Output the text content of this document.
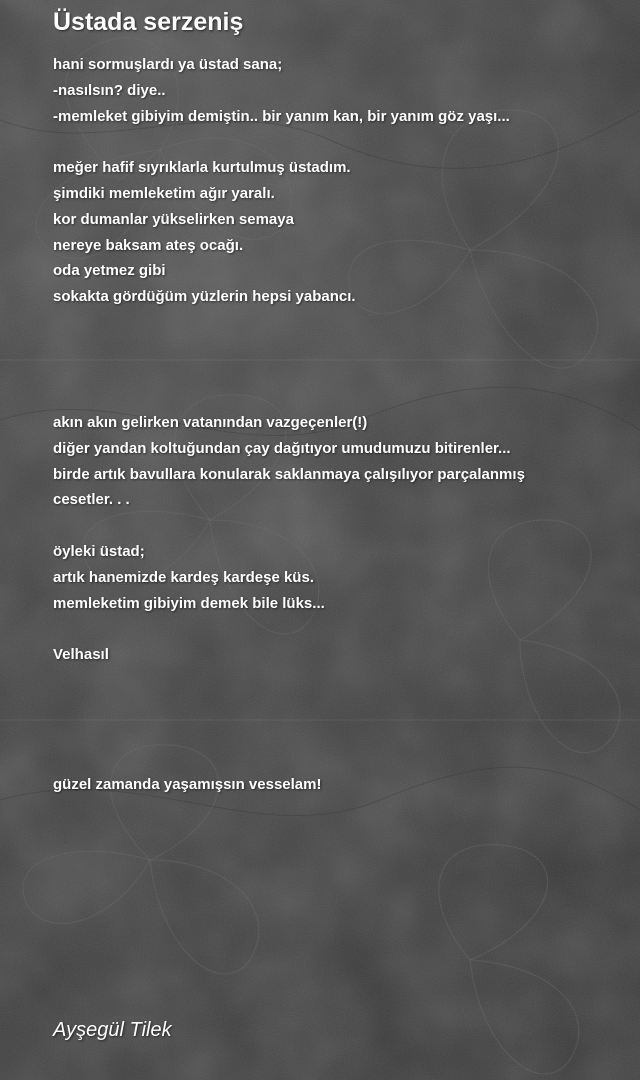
Üstada serzeniş
hani sormuşlardı ya üstad sana;
-nasılsın? diye..
-memleket gibiyim demiştin.. bir yanım kan, bir yanım göz yaşı...
meğer hafif sıyrıklarla kurtulmuş üstadım.
şimdiki memleketim ağır yaralı.
kor dumanlar yükselirken semaya
nereye baksam ateş ocağı.
oda yetmez gibi
sokakta gördüğüm yüzlerin hepsi yabancı.
akın akın gelirken vatanından vazgeçenler(!)
diğer yandan koltuğundan çay dağıtıyor umudumuzu bitirenler...
birde artık bavullara konularak saklanmaya çalışılıyor parçalanmış
cesetler. . .
öyleki üstad;
artık hanemizde kardeş kardeşe küs.
memleketim gibiyim demek bile lüks...
Velhasıl
güzel zamanda yaşamışsın vesselam!
Ayşegül Tilek
